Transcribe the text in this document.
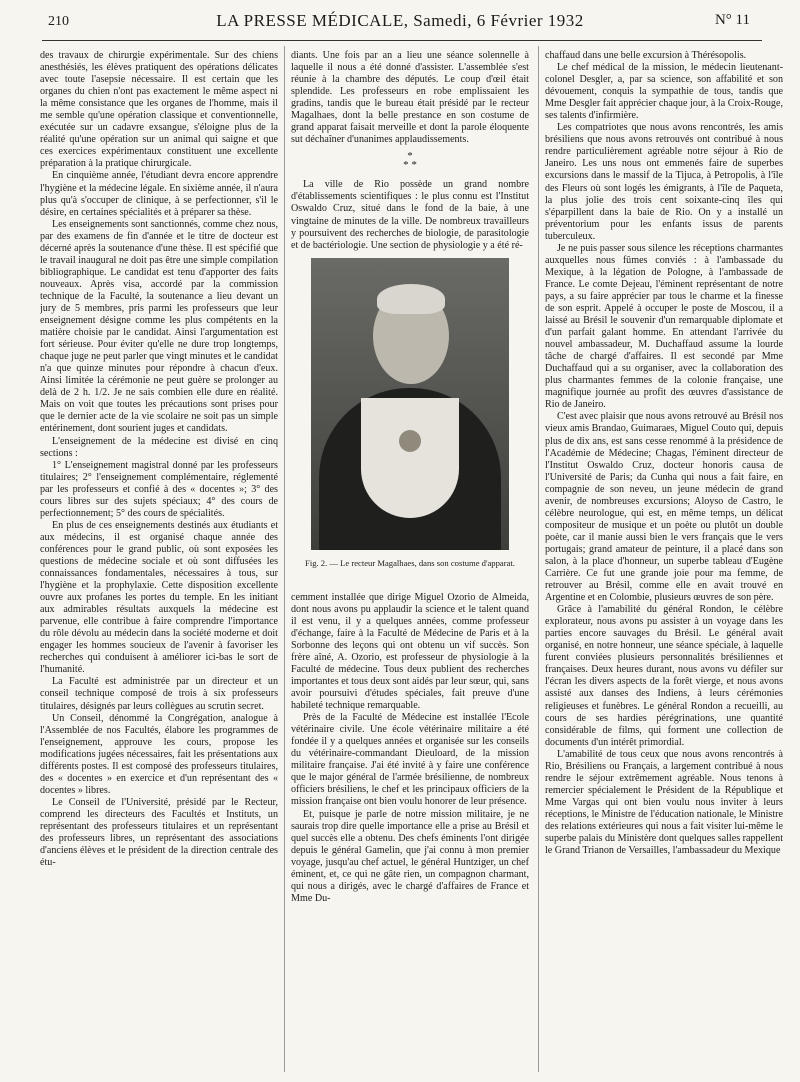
210	LA PRESSE MÉDICALE, Samedi, 6 Février 1932	N° 11

des travaux de chirurgie expérimentale. Sur des chiens anesthésiés, les élèves pratiquent des opérations délicates avec toute l'asepsie nécessaire. Il est certain que les organes du chien n'ont pas exactement le même aspect ni la même consistance que les organes de l'homme, mais il me semble qu'une opération classique et conventionnelle, exécutée sur un cadavre exsangue, s'éloigne plus de la réalité qu'une opération sur un animal qui saigne et que ces exercices expérimentaux constituent une excellente préparation à la pratique chirurgicale.

En cinquième année, l'étudiant devra encore apprendre l'hygiène et la médecine légale. En sixième année, il n'aura plus qu'à s'occuper de clinique, à se perfectionner, s'il le désire, en certaines spécialités et à préparer sa thèse.

Les enseignements sont sanctionnés, comme chez nous, par des examens de fin d'année et le titre de docteur est décerné après la soutenance d'une thèse. Il est spécifié que le travail inaugural ne doit pas être une simple compilation bibliographique. Le candidat est tenu d'apporter des faits nouveaux. Après visa, accordé par la commission technique de la Faculté, la soutenance a lieu devant un jury de 5 membres, pris parmi les professeurs que leur enseignement désigne comme les plus compétents en la matière choisie par le candidat. Ainsi l'argumentation est fort sérieuse. Pour éviter qu'elle ne dure trop longtemps, chaque juge ne peut parler que vingt minutes et le candidat n'a que quinze minutes pour répondre à chacun d'eux. Ainsi limitée la cérémonie ne peut guère se prolonger au delà de 2 h. 1/2. Je ne sais combien elle dure en réalité. Mais on voit que toutes les précautions sont prises pour que le dernier acte de la vie scolaire ne soit pas un simple entérinement, dont sourient juges et candidats.

L'enseignement de la médecine est divisé en cinq sections :

1° L'enseignement magistral donné par les professeurs titulaires; 2° l'enseignement complémentaire, réglementé par les professeurs et confié à des « docentes »; 3° des cours libres sur des sujets spéciaux; 4° des cours de perfectionnement; 5° des cours de spécialités.

En plus de ces enseignements destinés aux étudiants et aux médecins, il est organisé chaque année des conférences pour le grand public, où sont exposées les questions de médecine sociale et où sont diffusées les connaissances fondamentales, nécessaires à tous, sur l'hygiène et la prophylaxie. Cette disposition excellente ouvre aux profanes les portes du temple. En les initiant aux admirables résultats auxquels la médecine est parvenue, elle contribue à faire comprendre l'importance du rôle dévolu au médecin dans la société moderne et doit engager les hommes soucieux de l'avenir à favoriser les recherches qui conduisent à améliorer ici-bas le sort de l'humanité.

La Faculté est administrée par un directeur et un conseil technique composé de trois à six professeurs titulaires, désignés par leurs collègues au scrutin secret.

Un Conseil, dénommé la Congrégation, analogue à l'Assemblée de nos Facultés, élabore les programmes de l'enseignement, approuve les cours, propose les modifications jugées nécessaires, fait les présentations aux différents postes. Il est composé des professeurs titulaires, des « docentes » en exercice et d'un représentant des « docentes » libres.

Le Conseil de l'Université, présidé par le Recteur, comprend les directeurs des Facultés et Instituts, un représentant des professeurs titulaires et un représentant des professeurs libres, un représentant des associations d'anciens élèves et le président de la direction centrale des étu-

diants. Une fois par an a lieu une séance solennelle à laquelle il nous a été donné d'assister. L'assemblée s'est réunie à la chambre des députés. Le coup d'œil était splendide. Les professeurs en robe emplissaient les gradins, tandis que le bureau était présidé par le recteur Magalhaes, dont la belle prestance en son costume de grand apparat faisait merveille et dont la parole éloquente sut déchaîner d'unanimes applaudissements.

*
* *

La ville de Rio possède un grand nombre d'établissements scientifiques : le plus connu est l'Institut Oswaldo Cruz, situé dans le fond de la baie, à une vingtaine de minutes de la ville. De nombreux travailleurs y poursuivent des recherches de biologie, de parasitologie et de bactériologie. Une section de physiologie y a été ré-

Fig. 2. — Le recteur Magalhaes, dans son costume d'apparat.

cemment installée que dirige Miguel Ozorio de Almeida, dont nous avons pu applaudir la science et le talent quand il est venu, il y a quelques années, comme professeur d'échange, faire à la Faculté de Médecine de Paris et à la Sorbonne des leçons qui ont obtenu un vif succès. Son frère aîné, A. Ozorio, est professeur de physiologie à la Faculté de médecine. Tous deux publient des recherches importantes et tous deux sont aidés par leur sœur, qui, sans avoir poursuivi d'études spéciales, fait preuve d'une habileté technique remarquable.

Près de la Faculté de Médecine est installée l'Ecole vétérinaire civile. Une école vétérinaire militaire a été fondée il y a quelques années et organisée sur les conseils du vétérinaire-commandant Dieuloard, de la mission militaire française. J'ai été invité à y faire une conférence que le major général de l'armée brésilienne, de nombreux officiers brésiliens, le chef et les principaux officiers de la mission française ont bien voulu honorer de leur présence.

Et, puisque je parle de notre mission militaire, je ne saurais trop dire quelle importance elle a prise au Brésil et quel succès elle a obtenu. Des chefs éminents l'ont dirigée depuis le général Gamelin, que j'ai connu à mon premier voyage, jusqu'au chef actuel, le général Huntziger, un chef éminent, et, ce qui ne gâte rien, un compagnon charmant, qui nous a dirigés, avec le chargé d'affaires de France et Mme Du-

chaffaud dans une belle excursion à Thérésopolis.

Le chef médical de la mission, le médecin lieutenant-colonel Desgler, a, par sa science, son affabilité et son dévouement, conquis la sympathie de tous, tandis que Mme Desgler fait apprécier chaque jour, à la Croix-Rouge, ses talents d'infirmière.

Les compatriotes que nous avons rencontrés, les amis brésiliens que nous avons retrouvés ont contribué à nous rendre particulièrement agréable notre séjour à Rio de Janeiro. Les uns nous ont emmenés faire de superbes excursions dans le massif de la Tijuca, à Petropolis, à l'île des Fleurs où sont logés les émigrants, à l'île de Paqueta, la plus jolie des trois cent soixante-cinq îles qui s'éparpillent dans la baie de Rio. On y a installé un préventorium pour les enfants issus de parents tuberculeux.

Je ne puis passer sous silence les réceptions charmantes auxquelles nous fûmes conviés : à l'ambassade du Mexique, à la légation de Pologne, à l'ambassade de France. Le comte Dejeau, l'éminent représentant de notre pays, a su faire apprécier par tous le charme et la finesse de son esprit. Appelé à occuper le poste de Moscou, il a laissé au Brésil le souvenir d'un remarquable diplomate et d'un parfait galant homme. En attendant l'arrivée du nouvel ambassadeur, M. Duchaffaud assume la lourde tâche de chargé d'affaires. Il est secondé par Mme Duchaffaud qui a su organiser, avec la collaboration des plus charmantes femmes de la colonie française, une magnifique journée au profit des œuvres d'assistance de Rio de Janeiro.

C'est avec plaisir que nous avons retrouvé au Brésil nos vieux amis Brandao, Guimaraes, Miguel Couto qui, depuis plus de dix ans, est sans cesse renommé à la présidence de l'Académie de Médecine; Chagas, l'éminent directeur de l'Institut Oswaldo Cruz, docteur honoris causa de l'Université de Paris; da Cunha qui nous a fait faire, en compagnie de son neveu, un jeune médecin de grand avenir, de nombreuses excursions; Aloyso de Castro, le célèbre neurologue, qui est, en même temps, un délicat compositeur de musique et un poète ou plutôt un double poète, car il manie aussi bien le vers français que le vers portugais; grand amateur de peinture, il a placé dans son salon, à la place d'honneur, un superbe tableau d'Eugène Carrière. Ce fut une grande joie pour ma femme, de retrouver au Brésil, comme elle en avait trouvé en Argentine et en Colombie, plusieurs œuvres de son père.

Grâce à l'amabilité du général Rondon, le célèbre explorateur, nous avons pu assister à un voyage dans les parties encore sauvages du Brésil. Le général avait organisé, en notre honneur, une séance spéciale, à laquelle furent conviées plusieurs personnalités brésiliennes et françaises. Deux heures durant, nous avons vu défiler sur l'écran les divers aspects de la forêt vierge, et nous avons assisté aux danses des Indiens, à leurs cérémonies religieuses et funèbres. Le général Rondon a recueilli, au cours de ses hardies pérégrinations, une quantité considérable de films, qui forment une collection de documents d'un intérêt primordial.

L'amabilité de tous ceux que nous avons rencontrés à Rio, Brésiliens ou Français, a largement contribué à nous rendre le séjour extrêmement agréable. Nous tenons à remercier spécialement le Président de la République et Mme Vargas qui ont bien voulu nous inviter à leurs réceptions, le Ministre de l'éducation nationale, le Ministre des relations extérieures qui nous a fait visiter lui-même le superbe palais du Ministère dont quelques salles rappellent le Grand Trianon de Versailles, l'ambassadeur du Mexique
